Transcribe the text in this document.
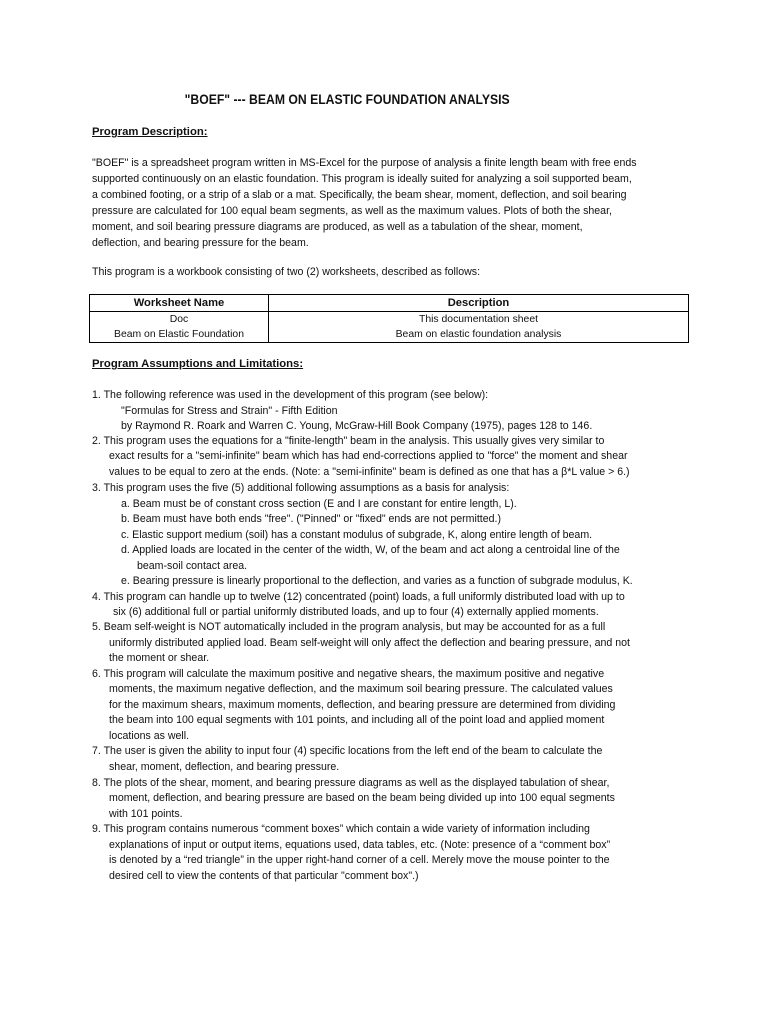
"BOEF" --- BEAM ON ELASTIC FOUNDATION ANALYSIS
Program Description:
"BOEF" is a spreadsheet program written in MS-Excel for the purpose of analysis a finite length beam with free ends
supported continuously on an elastic foundation. This program is ideally suited for analyzing a soil supported beam,
a combined footing, or a strip of a slab or a mat. Specifically, the beam shear, moment, deflection, and soil bearing
pressure are calculated for 100 equal beam segments, as well as the maximum values. Plots of both the shear,
moment, and soil bearing pressure diagrams are produced, as well as a tabulation of the shear, moment,
deflection, and bearing pressure for the beam.
This program is a workbook consisting of two (2) worksheets, described as follows:
Worksheet Name	Description
Doc	This documentation sheet
Beam on Elastic Foundation	Beam on elastic foundation analysis
Program Assumptions and Limitations:
1. The following reference was used in the development of this program (see below):
"Formulas for Stress and Strain" - Fifth Edition
by Raymond R. Roark and Warren C. Young, McGraw-Hill Book Company (1975), pages 128 to 146.
2. This program uses the equations for a "finite-length" beam in the analysis. This usually gives very similar to
exact results for a "semi-infinite" beam which has had end-corrections applied to "force" the moment and shear
values to be equal to zero at the ends. (Note: a "semi-infinite" beam is defined as one that has a β*L value > 6.)
3. This program uses the five (5) additional following assumptions as a basis for analysis:
a. Beam must be of constant cross section (E and I are constant for entire length, L).
b. Beam must have both ends "free". ("Pinned" or "fixed" ends are not permitted.)
c. Elastic support medium (soil) has a constant modulus of subgrade, K, along entire length of beam.
d. Applied loads are located in the center of the width, W, of the beam and act along a centroidal line of the
beam-soil contact area.
e. Bearing pressure is linearly proportional to the deflection, and varies as a function of subgrade modulus, K.
4. This program can handle up to twelve (12) concentrated (point) loads, a full uniformly distributed load with up to
six (6) additional full or partial uniformly distributed loads, and up to four (4) externally applied moments.
5. Beam self-weight is NOT automatically included in the program analysis, but may be accounted for as a full
uniformly distributed applied load. Beam self-weight will only affect the deflection and bearing pressure, and not
the moment or shear.
6. This program will calculate the maximum positive and negative shears, the maximum positive and negative
moments, the maximum negative deflection, and the maximum soil bearing pressure. The calculated values
for the maximum shears, maximum moments, deflection, and bearing pressure are determined from dividing
the beam into 100 equal segments with 101 points, and including all of the point load and applied moment
locations as well.
7. The user is given the ability to input four (4) specific locations from the left end of the beam to calculate the
shear, moment, deflection, and bearing pressure.
8. The plots of the shear, moment, and bearing pressure diagrams as well as the displayed tabulation of shear,
moment, deflection, and bearing pressure are based on the beam being divided up into 100 equal segments
with 101 points.
9. This program contains numerous “comment boxes” which contain a wide variety of information including
explanations of input or output items, equations used, data tables, etc. (Note: presence of a “comment box”
is denoted by a “red triangle” in the upper right-hand corner of a cell. Merely move the mouse pointer to the
desired cell to view the contents of that particular "comment box".)
